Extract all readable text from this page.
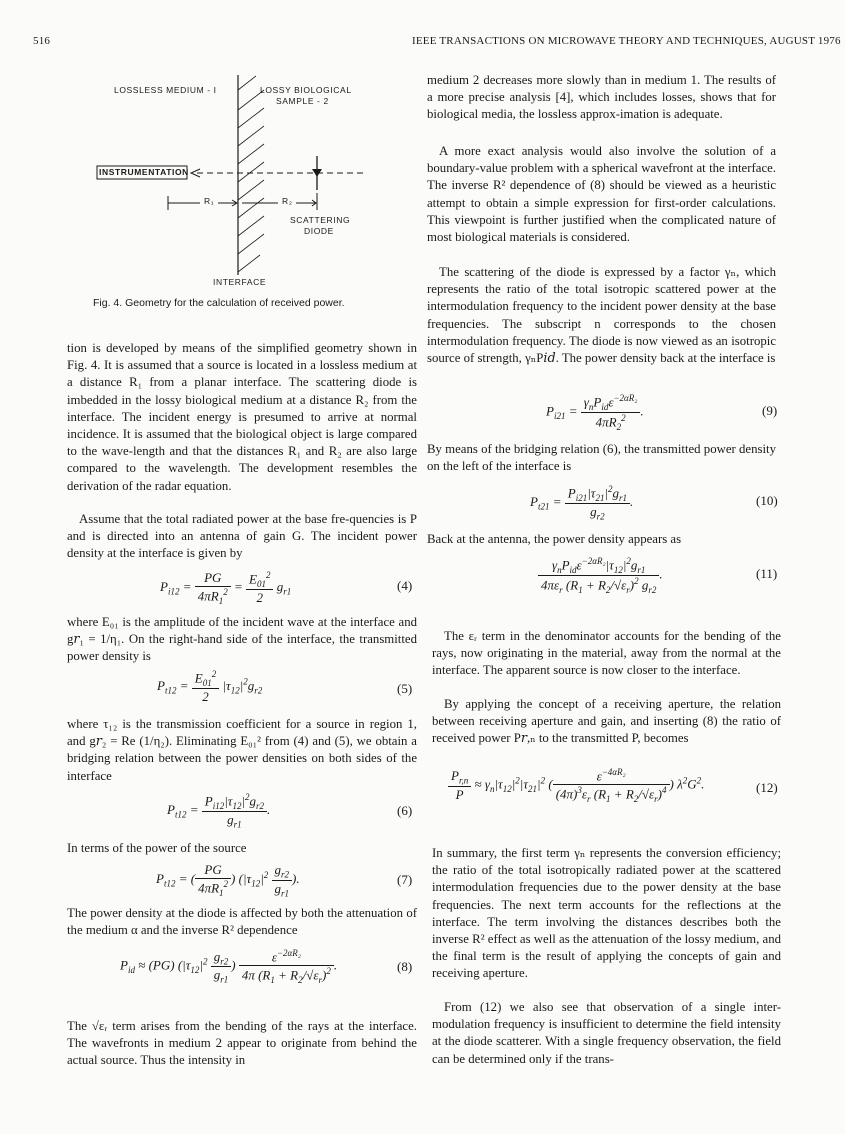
516	IEEE TRANSACTIONS ON MICROWAVE THEORY AND TECHNIQUES, AUGUST 1976
LOSSLESS MEDIUM - I	LOSSY BIOLOGICAL
SAMPLE - 2
INSTRUMENTATION
R₁	R₂
SCATTERING
DIODE
INTERFACE
Fig. 4. Geometry for the calculation of received power.

tion is developed by means of the simplified geometry shown in Fig. 4. It is assumed that a source is located in a lossless medium at a distance R₁ from a planar interface. The scattering diode is imbedded in the lossy biological medium at a distance R₂ from the interface. The incident energy is presumed to arrive at normal incidence. It is assumed that the biological object is large compared to the wave-length and that the distances R₁ and R₂ are also large compared to the wavelength. The development resembles the derivation of the radar equation.

Assume that the total radiated power at the base fre-quencies is P and is directed into an antenna of gain G. The incident power density at the interface is given by

$P_{i12} = \frac{PG}{4\pi R_1^2} = \frac{E_{01}^2}{2} g_{r1}$	(4)

where E₀₁ is the amplitude of the incident wave at the interface and g𝑟₁ = 1/η₁. On the right-hand side of the interface, the transmitted power density is

$P_{t12} = \frac{E_{01}^2}{2} |\tau_{12}|^2g_{r2}$	(5)

where τ₁₂ is the transmission coefficient for a source in region 1, and g𝑟₂ = Re (1/η₂). Eliminating E₀₁² from (4) and (5), we obtain a bridging relation between the power densities on both sides of the interface

$P_{t12} = \frac{P_{i12}|\tau_{12}|^2g_{r2}}{g_{r1}}$ .	(6)

In terms of the power of the source

$P_{t12}$ = ( $\frac{PG}{4\pi R_1^2}$ ) ($|\tau_{12}|^2 \frac{g_{r2}}{g_{r1}}$ ).	(7)

The power density at the diode is affected by both the attenuation of the medium α and the inverse R² dependence

$P_{id} \approx (PG)$ ($|\tau_{12}|^2 \frac{g_{r2}}{g_{r1}}$ ) $\frac{\varepsilon^{-2\alpha R_2}}{4\pi (R_1 + R_2/√\varepsilon_r)^2}$ .	(8)

The √εᵣ term arises from the bending of the rays at the interface. The wavefronts in medium 2 appear to originate from behind the actual source. Thus the intensity in

medium 2 decreases more slowly than in medium 1. The results of a more precise analysis [4], which includes losses, shows that for biological media, the lossless approx-imation is adequate.

A more exact analysis would also involve the solution of a boundary-value problem with a spherical wavefront at the interface. The inverse R² dependence of (8) should be viewed as a heuristic attempt to obtain a simple expression for first-order calculations. This viewpoint is further justified when the complicated nature of most biological materials is considered.

The scattering of the diode is expressed by a factor γₙ, which represents the ratio of the total isotropic scattered power at the intermodulation frequency to the incident power density at the base frequencies. The subscript n corresponds to the chosen intermodulation frequency. The diode is now viewed as an isotropic source of strength, γₙP𝑖𝑑. The power density back at the interface is

$P_{i21} = \frac{\gamma_nP_{id}\varepsilon^{-2\alpha R_2}}{4\pi R_2^2}$ .	(9)

By means of the bridging relation (6), the transmitted power density on the left of the interface is

$P_{t21} = \frac{P_{i21}|\tau_{21}|^2g_{r1}}{g_{r2}}$ .	(10)

Back at the antenna, the power density appears as

$\frac{\gamma_nP_{id}\varepsilon^{-2\alpha R_2}|\tau_{12}|^2g_{r1}}{4\pi\varepsilon_r (R_1 + R_2/√\varepsilon_r)^2 g_{r2}}$ .	(11)

The εᵣ term in the denominator accounts for the bending of the rays, now originating in the material, away from the normal at the interface. The apparent source is now closer to the interface.

By applying the concept of a receiving aperture, the relation between receiving aperture and gain, and inserting (8) the ratio of received power P𝑟,ₙ to the transmitted P, becomes

$\frac{P_{r,n}}{P} \approx \gamma_n|\tau_{12}|^2|\tau_{21}|^2$ ( $\frac{\varepsilon^{-4\alpha R_2}}{(4\pi)^3\varepsilon_r (R_1 + R_2/√\varepsilon_r)^4}$ ) $\lambda^2G^2$.	(12)

In summary, the first term γₙ represents the conversion efficiency; the ratio of the total isotropically radiated power at the scattered intermodulation frequencies due to the power density at the base frequencies. The next term accounts for the reflections at the interface. The term involving the distances describes both the inverse R² effect as well as the attenuation of the lossy medium, and the final term is the result of applying the concepts of gain and receiving aperture.

From (12) we also see that observation of a single inter-modulation frequency is insufficient to determine the field intensity at the diode scatterer. With a single frequency observation, the field can be determined only if the trans-
